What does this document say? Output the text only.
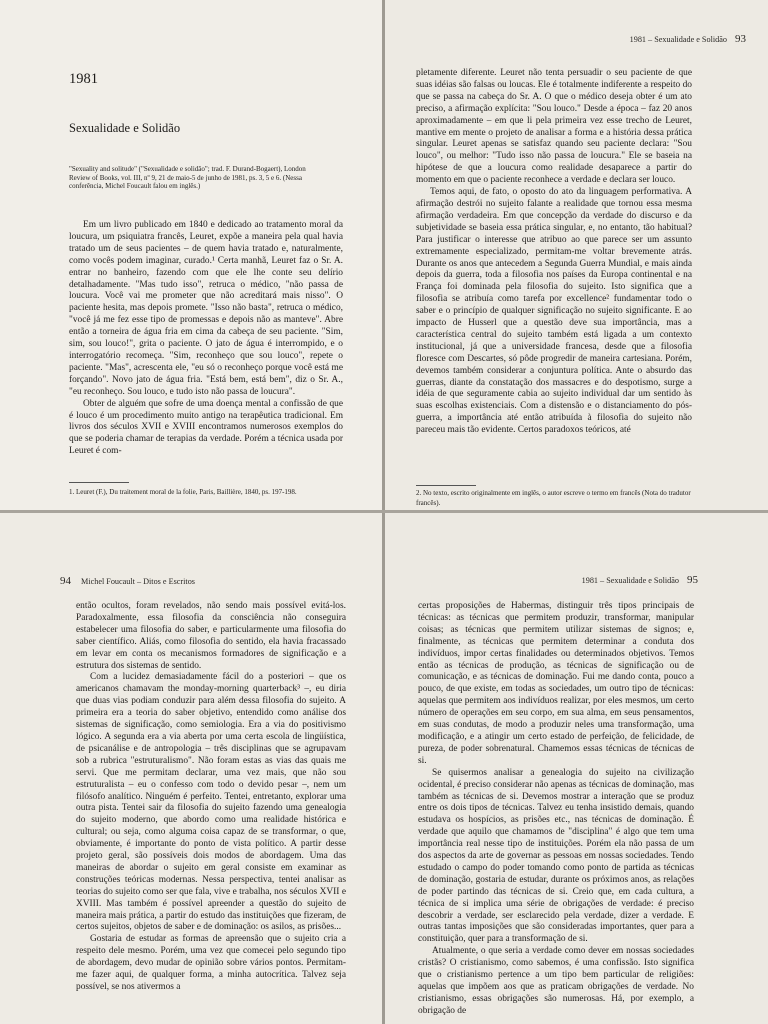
1981
Sexualidade e Solidão
"Sexuality and solitude" ("Sexualidade e solidão"; trad. F. Durand-Bogaert), London Review of Books, vol. III, nº 9, 21 de maio-5 de junho de 1981, ps. 3, 5 e 6. (Nessa conferência, Michel Foucault falou em inglês.)

Em um livro publicado em 1840 e dedicado ao tratamento moral da loucura, um psiquiatra francês, Leuret, expõe a maneira pela qual havia tratado um de seus pacientes – de quem havia tratado e, naturalmente, como vocês podem imaginar, curado.¹ Certa manhã, Leuret faz o Sr. A. entrar no banheiro, fazendo com que ele lhe conte seu delírio detalhadamente. "Mas tudo isso", retruca o médico, "não passa de loucura. Você vai me prometer que não acreditará mais nisso". O paciente hesita, mas depois promete. "Isso não basta", retruca o médico, "você já me fez esse tipo de promessas e depois não as manteve". Abre então a torneira de água fria em cima da cabeça de seu paciente. "Sim, sim, sou louco!", grita o paciente. O jato de água é interrompido, e o interrogatório recomeça. "Sim, reconheço que sou louco", repete o paciente. "Mas", acrescenta ele, "eu só o reconheço porque você está me forçando". Novo jato de água fria. "Está bem, está bem", diz o Sr. A., "eu reconheço. Sou louco, e tudo isto não passa de loucura".

Obter de alguém que sofre de uma doença mental a confissão de que é louco é um procedimento muito antigo na terapêutica tradicional. Em livros dos séculos XVII e XVIII encontramos numerosos exemplos do que se poderia chamar de terapias da verdade. Porém a técnica usada por Leuret é com-

1. Leuret (F.), Du traitement moral de la folie, Paris, Baillière, 1840, ps. 197-198.
1981 – Sexualidade e Solidão 93

pletamente diferente. Leuret não tenta persuadir o seu paciente de que suas idéias são falsas ou loucas. Ele é totalmente indiferente a respeito do que se passa na cabeça do Sr. A. O que o médico deseja obter é um ato preciso, a afirmação explícita: "Sou louco." Desde a época – faz 20 anos aproximadamente – em que li pela primeira vez esse trecho de Leuret, mantive em mente o projeto de analisar a forma e a história dessa prática singular. Leuret apenas se satisfaz quando seu paciente declara: "Sou louco", ou melhor: "Tudo isso não passa de loucura." Ele se baseia na hipótese de que a loucura como realidade desaparece a partir do momento em que o paciente reconhece a verdade e declara ser louco.

Temos aqui, de fato, o oposto do ato da linguagem performativa. A afirmação destrói no sujeito falante a realidade que tornou essa mesma afirmação verdadeira. Em que concepção da verdade do discurso e da subjetividade se baseia essa prática singular, e, no entanto, tão habitual? Para justificar o interesse que atribuo ao que parece ser um assunto extremamente especializado, permitam-me voltar brevemente atrás. Durante os anos que antecedem a Segunda Guerra Mundial, e mais ainda depois da guerra, toda a filosofia nos países da Europa continental e na França foi dominada pela filosofia do sujeito. Isto significa que a filosofia se atribuía como tarefa por excellence² fundamentar todo o saber e o princípio de qualquer significação no sujeito significante. E ao impacto de Husserl que a questão deve sua importância, mas a característica central do sujeito também está ligada a um contexto institucional, já que a universidade francesa, desde que a filosofia floresce com Descartes, só pôde progredir de maneira cartesiana. Porém, devemos também considerar a conjuntura política. Ante o absurdo das guerras, diante da constatação dos massacres e do despotismo, surge a idéia de que seguramente cabia ao sujeito individual dar um sentido às suas escolhas existenciais. Com a distensão e o distanciamento do pós-guerra, a importância até então atribuída à filosofia do sujeito não pareceu mais tão evidente. Certos paradoxos teóricos, até

2. No texto, escrito originalmente em inglês, o autor escreve o termo em francês (Nota do tradutor francês).
94 Michel Foucault – Ditos e Escritos

então ocultos, foram revelados, não sendo mais possível evitá-los. Paradoxalmente, essa filosofia da consciência não conseguira estabelecer uma filosofia do saber, e particularmente uma filosofia do saber científico. Aliás, como filosofia do sentido, ela havia fracassado em levar em conta os mecanismos formadores de significação e a estrutura dos sistemas de sentido.

Com a lucidez demasiadamente fácil do a posteriori – que os americanos chamavam the monday-morning quarterback³ –, eu diria que duas vias podiam conduzir para além dessa filosofia do sujeito. A primeira era a teoria do saber objetivo, entendido como análise dos sistemas de significação, como semiologia. Era a via do positivismo lógico. A segunda era a via aberta por uma certa escola de lingüística, de psicanálise e de antropologia – três disciplinas que se agrupavam sob a rubrica "estruturalismo". Não foram estas as vias das quais me servi. Que me permitam declarar, uma vez mais, que não sou estruturalista – eu o confesso com todo o devido pesar –, nem um filósofo analítico. Ninguém é perfeito. Tentei, entretanto, explorar uma outra pista. Tentei sair da filosofia do sujeito fazendo uma genealogia do sujeito moderno, que abordo como uma realidade histórica e cultural; ou seja, como alguma coisa capaz de se transformar, o que, obviamente, é importante do ponto de vista político. A partir desse projeto geral, são possíveis dois modos de abordagem. Uma das maneiras de abordar o sujeito em geral consiste em examinar as construções teóricas modernas. Nessa perspectiva, tentei analisar as teorias do sujeito como ser que fala, vive e trabalha, nos séculos XVII e XVIII. Mas também é possível apreender a questão do sujeito de maneira mais prática, a partir do estudo das instituições que fizeram, de certos sujeitos, objetos de saber e de dominação: os asilos, as prisões...

Gostaria de estudar as formas de apreensão que o sujeito cria a respeito dele mesmo. Porém, uma vez que comecei pelo segundo tipo de abordagem, devo mudar de opinião sobre vários pontos. Permitam-me fazer aqui, de qualquer forma, a minha autocrítica. Talvez seja possível, se nos ativermos a

1981 – Sexualidade e Solidão 95

certas proposições de Habermas, distinguir três tipos principais de técnicas: as técnicas que permitem produzir, transformar, manipular coisas; as técnicas que permitem utilizar sistemas de signos; e, finalmente, as técnicas que permitem determinar a conduta dos indivíduos, impor certas finalidades ou determinados objetivos. Temos então as técnicas de produção, as técnicas de significação ou de comunicação, e as técnicas de dominação. Fui me dando conta, pouco a pouco, de que existe, em todas as sociedades, um outro tipo de técnicas: aquelas que permitem aos indivíduos realizar, por eles mesmos, um certo número de operações em seu corpo, em sua alma, em seus pensamentos, em suas condutas, de modo a produzir neles uma transformação, uma modificação, e a atingir um certo estado de perfeição, de felicidade, de pureza, de poder sobrenatural. Chamemos essas técnicas de técnicas de si.

Se quisermos analisar a genealogia do sujeito na civilização ocidental, é preciso considerar não apenas as técnicas de dominação, mas também as técnicas de si. Devemos mostrar a interação que se produz entre os dois tipos de técnicas. Talvez eu tenha insistido demais, quando estudava os hospícios, as prisões etc., nas técnicas de dominação. É verdade que aquilo que chamamos de "disciplina" é algo que tem uma importância real nesse tipo de instituições. Porém ela não passa de um dos aspectos da arte de governar as pessoas em nossas sociedades. Tendo estudado o campo do poder tomando como ponto de partida as técnicas de dominação, gostaria de estudar, durante os próximos anos, as relações de poder partindo das técnicas de si. Creio que, em cada cultura, a técnica de si implica uma série de obrigações de verdade: é preciso descobrir a verdade, ser esclarecido pela verdade, dizer a verdade. E outras tantas imposições que são consideradas importantes, quer para a constituição, quer para a transformação de si.

Atualmente, o que seria a verdade como dever em nossas sociedades cristãs? O cristianismo, como sabemos, é uma confissão. Isto significa que o cristianismo pertence a um tipo bem particular de religiões: aquelas que impõem aos que as praticam obrigações de verdade. No cristianismo, essas obrigações são numerosas. Há, por exemplo, a obrigação de
